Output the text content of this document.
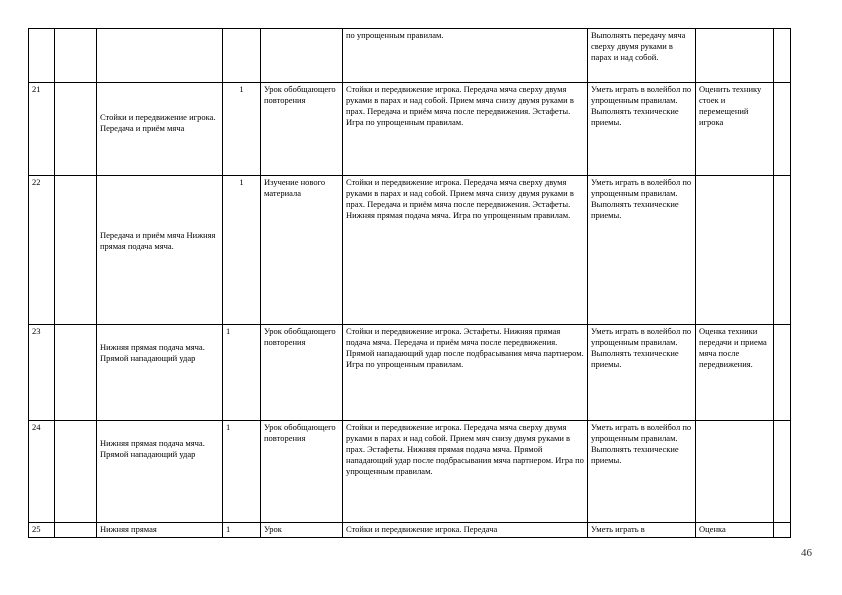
					по упрощенным правилам.	Выполнять передачу мяча сверху двумя руками в парах и над собой.		
21		Стойки и передвижение игрока. Передача и приём мяча	1	Урок обобщающего повторения	Стойки и передвижение игрока. Передача мяча сверху двумя руками в парах и над собой. Прием мяча снизу двумя руками в прах. Передача и приём мяча после передвижения. Эстафеты. Игра по упрощенным правилам.	Уметь играть в волейбол по упрощенным правилам. Выполнять технические приемы.	Оценить технику стоек и перемещений игрока	
22		Передача и приём мяча Нижняя прямая подача мяча.	1	Изучение нового материала	Стойки и передвижение игрока. Передача мяча сверху двумя руками в парах и над собой. Прием мяча снизу двумя руками в прах. Передача и приём мяча после передвижения. Эстафеты. Нижняя прямая подача мяча. Игра по упрощенным правилам.	Уметь играть в волейбол по упрощенным правилам. Выполнять технические приемы.		
23		Нижняя прямая подача мяча. Прямой нападающий удар	1	Урок обобщающего повторения	Стойки и передвижение игрока. Эстафеты. Нижняя прямая подача мяча. Передача и приём мяча после передвижения. Прямой нападающий удар после подбрасывания мяча партнером. Игра по упрощенным правилам.	Уметь играть в волейбол по упрощенным правилам. Выполнять технические приемы.	Оценка техники передачи и приема мяча после передвижения.	
24		Нижняя прямая подача мяча. Прямой нападающий удар	1	Урок обобщающего повторения	Стойки и передвижение игрока. Передача мяча сверху двумя руками в парах и над собой. Прием мяч снизу двумя руками в прах. Эстафеты. Нижняя прямая подача мяча. Прямой нападающий удар после подбрасывания мяча партнером. Игра по упрощенным правилам.	Уметь играть в волейбол по упрощенным правилам. Выполнять технические приемы.		
25		Нижняя прямая	1	Урок	Стойки и передвижение игрока. Передача	Уметь играть в	Оценка	
46
